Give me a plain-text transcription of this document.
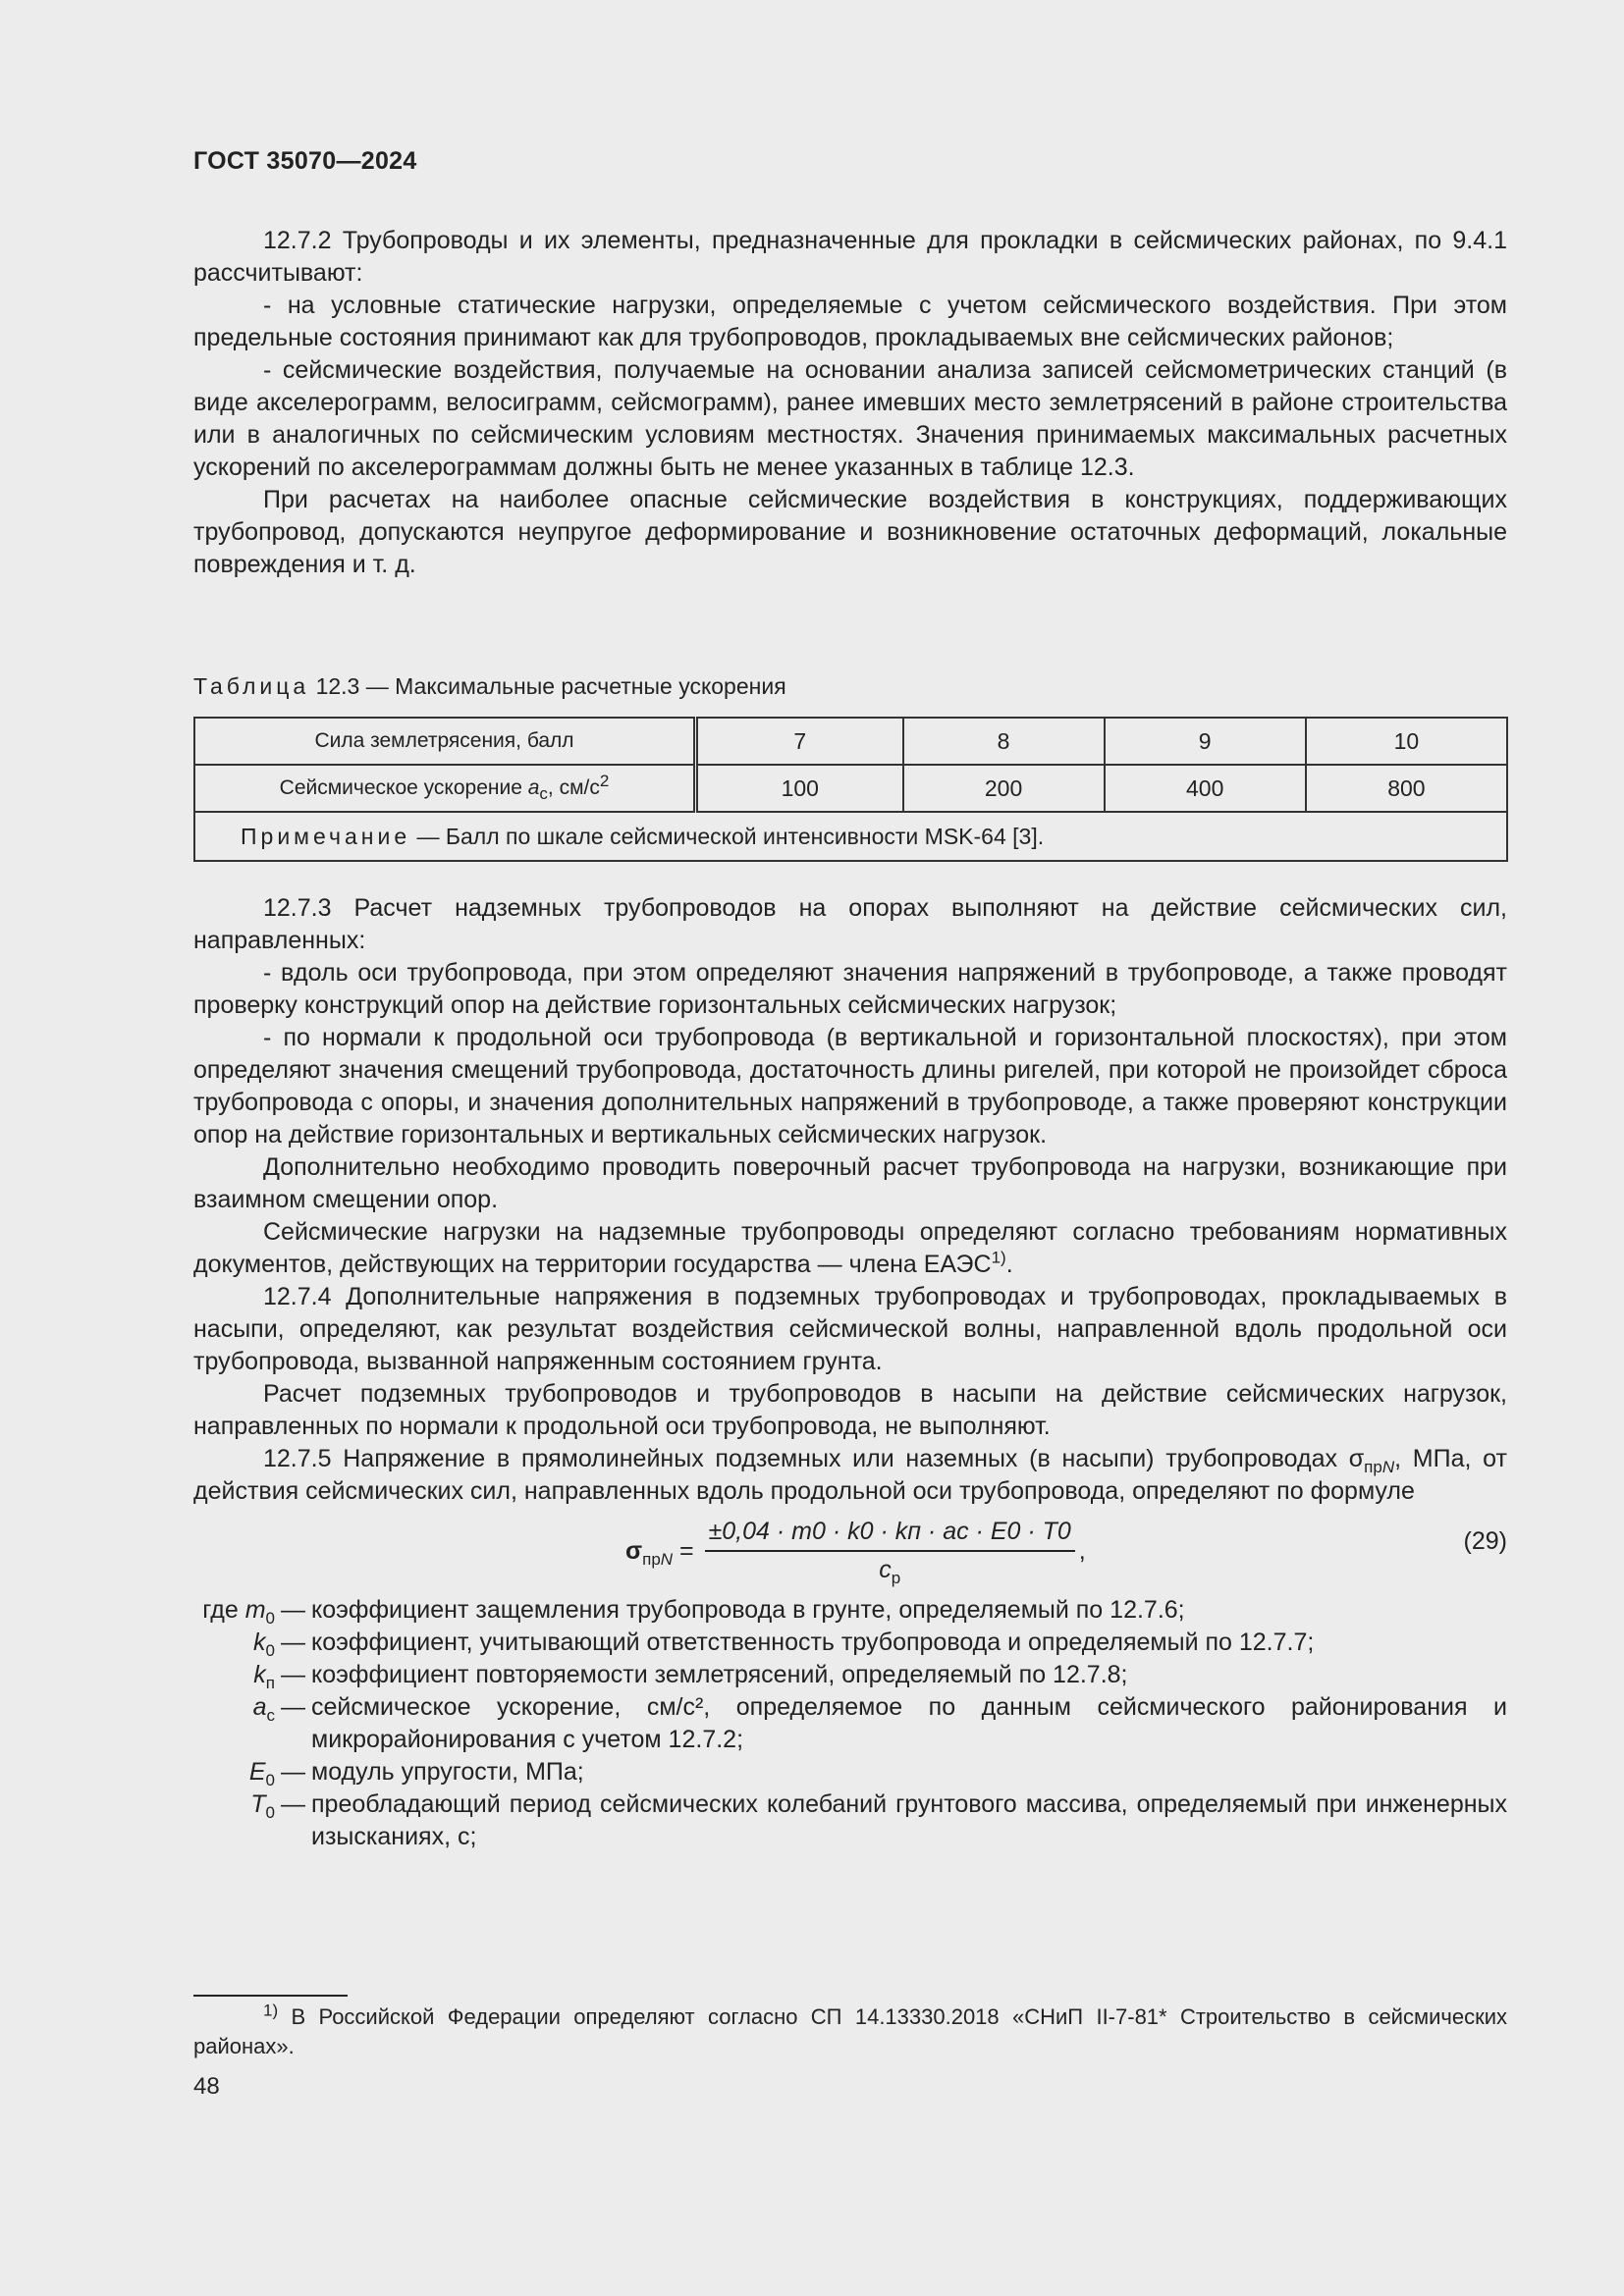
ГОСТ 35070—2024

12.7.2 Трубопроводы и их элементы, предназначенные для прокладки в сейсмических районах, по 9.4.1 рассчитывают:

- на условные статические нагрузки, определяемые с учетом сейсмического воздействия. При этом предельные состояния принимают как для трубопроводов, прокладываемых вне сейсмических районов;

- сейсмические воздействия, получаемые на основании анализа записей сейсмометрических станций (в виде акселерограмм, велосиграмм, сейсмограмм), ранее имевших место землетрясений в районе строительства или в аналогичных по сейсмическим условиям местностях. Значения принимаемых максимальных расчетных ускорений по акселерограммам должны быть не менее указанных в таблице 12.3.

При расчетах на наиболее опасные сейсмические воздействия в конструкциях, поддерживающих трубопровод, допускаются неупругое деформирование и возникновение остаточных деформаций, локальные повреждения и т. д.

Таблица 12.3 — Максимальные расчетные ускорения
Сила землетрясения, балл	7	8	9	10
Сейсмическое ускорение $a_c$, $см/с^2$	100	200	400	800
Примечание — Балл по шкале сейсмической интенсивности MSK-64 [3].				

12.7.3 Расчет надземных трубопроводов на опорах выполняют на действие сейсмических сил, направленных:

- вдоль оси трубопровода, при этом определяют значения напряжений в трубопроводе, а также проводят проверку конструкций опор на действие горизонтальных сейсмических нагрузок;

- по нормали к продольной оси трубопровода (в вертикальной и горизонтальной плоскостях), при этом определяют значения смещений трубопровода, достаточность длины ригелей, при которой не произойдет сброса трубопровода с опоры, и значения дополнительных напряжений в трубопроводе, а также проверяют конструкции опор на действие горизонтальных и вертикальных сейсмических нагрузок.

Дополнительно необходимо проводить поверочный расчет трубопровода на нагрузки, возникающие при взаимном смещении опор.

Сейсмические нагрузки на надземные трубопроводы определяют согласно требованиям нормативных документов, действующих на территории государства — члена ЕАЭС$^{1)}$.

12.7.4 Дополнительные напряжения в подземных трубопроводах и трубопроводах, прокладываемых в насыпи, определяют, как результат воздействия сейсмической волны, направленной вдоль продольной оси трубопровода, вызванной напряженным состоянием грунта.

Расчет подземных трубопроводов и трубопроводов в насыпи на действие сейсмических нагрузок, направленных по нормали к продольной оси трубопровода, не выполняют.

12.7.5 Напряжение в прямолинейных подземных или наземных (в насыпи) трубопроводах $\sigma_{прN}$, МПа, от действия сейсмических сил, направленных вдоль продольной оси трубопровода, определяют по формуле

$\sigma_{прN} = \frac{\pm 0,04 \cdot m0 \cdot k0 \cdot kп \cdot ac \cdot E0 \cdot T0}{c_p}$ ,	(29)
где $m_0$	—	коэффициент защемления трубопровода в грунте, определяемый по 12.7.6;
$k_0$	—	коэффициент, учитывающий ответственность трубопровода и определяемый по 12.7.7;
$k_п$	—	коэффициент повторяемости землетрясений, определяемый по 12.7.8;
$a_c$	—	сейсмическое ускорение, см/с², определяемое по данным сейсмического районирования и микрорайонирования с учетом 12.7.2;
$E_0$	—	модуль упругости, МПа;
$T_0$	—	преобладающий период сейсмических колебаний грунтового массива, определяемый при инженерных изысканиях, с;

$^{1)}$ В Российской Федерации определяют согласно СП 14.13330.2018 «СНиП II-7-81* Строительство в сейсмических районах».

48
